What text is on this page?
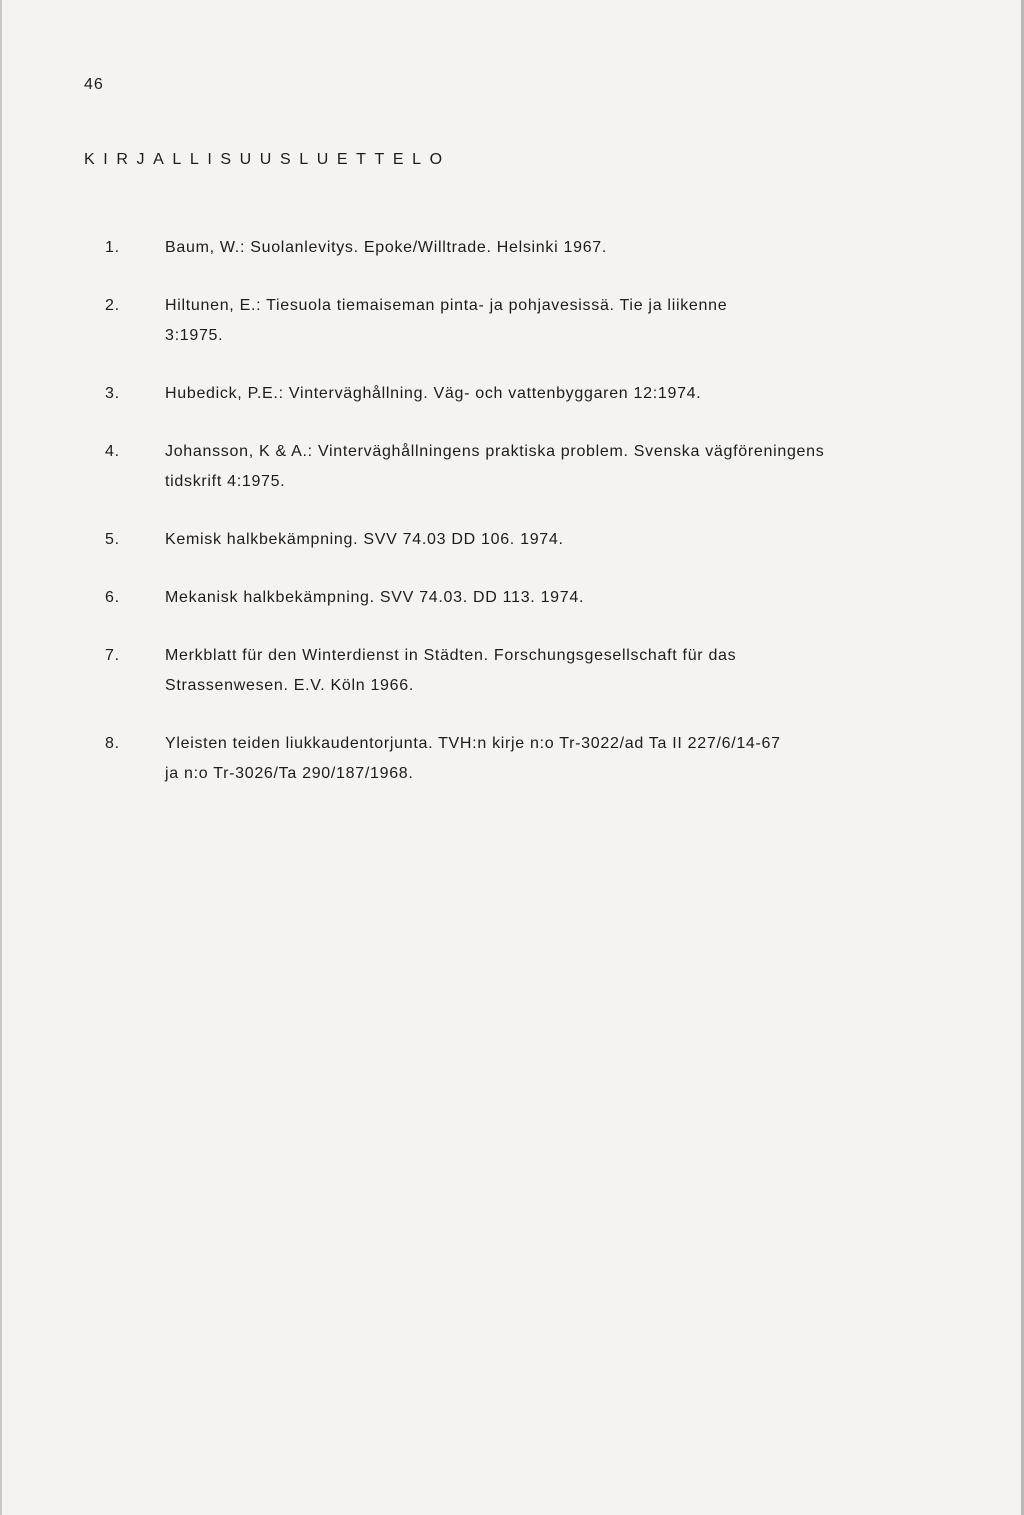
46
KIRJALLISUUSLUETTELO
1.	Baum, W.: Suolanlevitys. Epoke/Willtrade. Helsinki 1967.
2.	Hiltunen, E.: Tiesuola tiemaiseman pinta- ja pohjavesissä. Tie ja liikenne
3:1975.
3.	Hubedick, P.E.: Vinterväghållning. Väg- och vattenbyggaren 12:1974.
4.	Johansson, K & A.: Vinterväghållningens praktiska problem. Svenska vägföreningens
tidskrift 4:1975.
5.	Kemisk halkbekämpning. SVV 74.03 DD 106. 1974.
6.	Mekanisk halkbekämpning. SVV 74.03. DD 113. 1974.
7.	Merkblatt für den Winterdienst in Städten. Forschungsgesellschaft für das
Strassenwesen. E.V. Köln 1966.
8.	Yleisten teiden liukkaudentorjunta. TVH:n kirje n:o Tr-3022/ad Ta II 227/6/14-67
ja n:o Tr-3026/Ta 290/187/1968.
